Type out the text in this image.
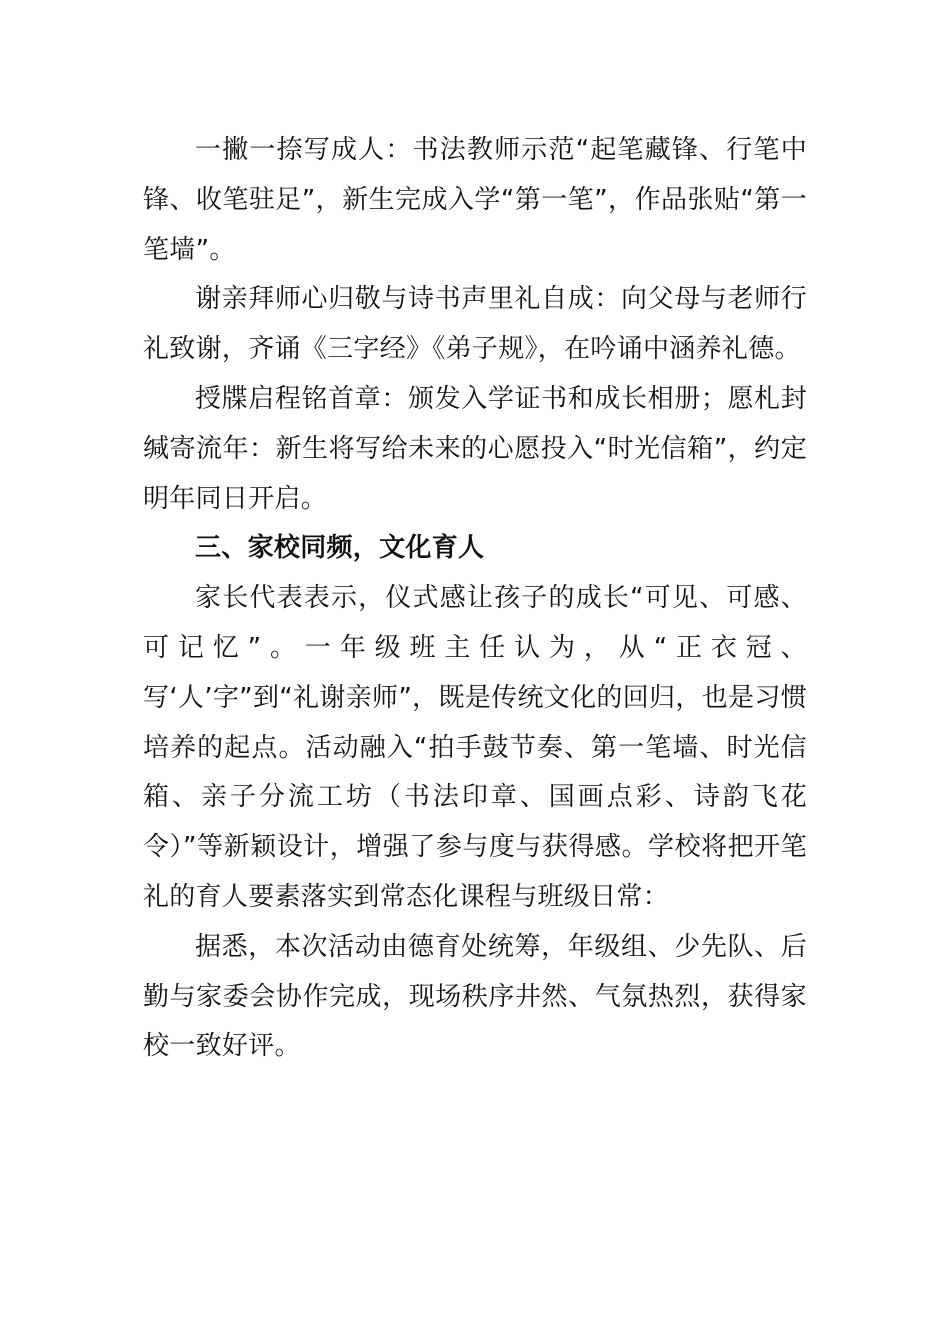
一撇一捺写成人：书法教师示范“起笔藏锋、行笔中锋、收笔驻足”，新生完成入学“第一笔”，作品张贴“第一笔墙”。

谢亲拜师心归敬与诗书声里礼自成：向父母与老师行礼致谢，齐诵《三字经》《弟子规》，在吟诵中涵养礼德。

授牒启程铭首章：颁发入学证书和成长相册；愿札封缄寄流年：新生将写给未来的心愿投入“时光信箱”，约定明年同日开启。

三、家校同频，文化育人

家长代表表示，仪式感让孩子的成长“可见、可感、可记忆”。一年级班主任认为，从“正衣冠、写‘人’字”到“礼谢亲师”，既是传统文化的回归，也是习惯培养的起点。活动融入“拍手鼓节奏、第一笔墙、时光信箱、亲子分流工坊（书法印章、国画点彩、诗韵飞花令）”等新颖设计，增强了参与度与获得感。学校将把开笔礼的育人要素落实到常态化课程与班级日常：

据悉，本次活动由德育处统筹，年级组、少先队、后勤与家委会协作完成，现场秩序井然、气氛热烈，获得家校一致好评。
